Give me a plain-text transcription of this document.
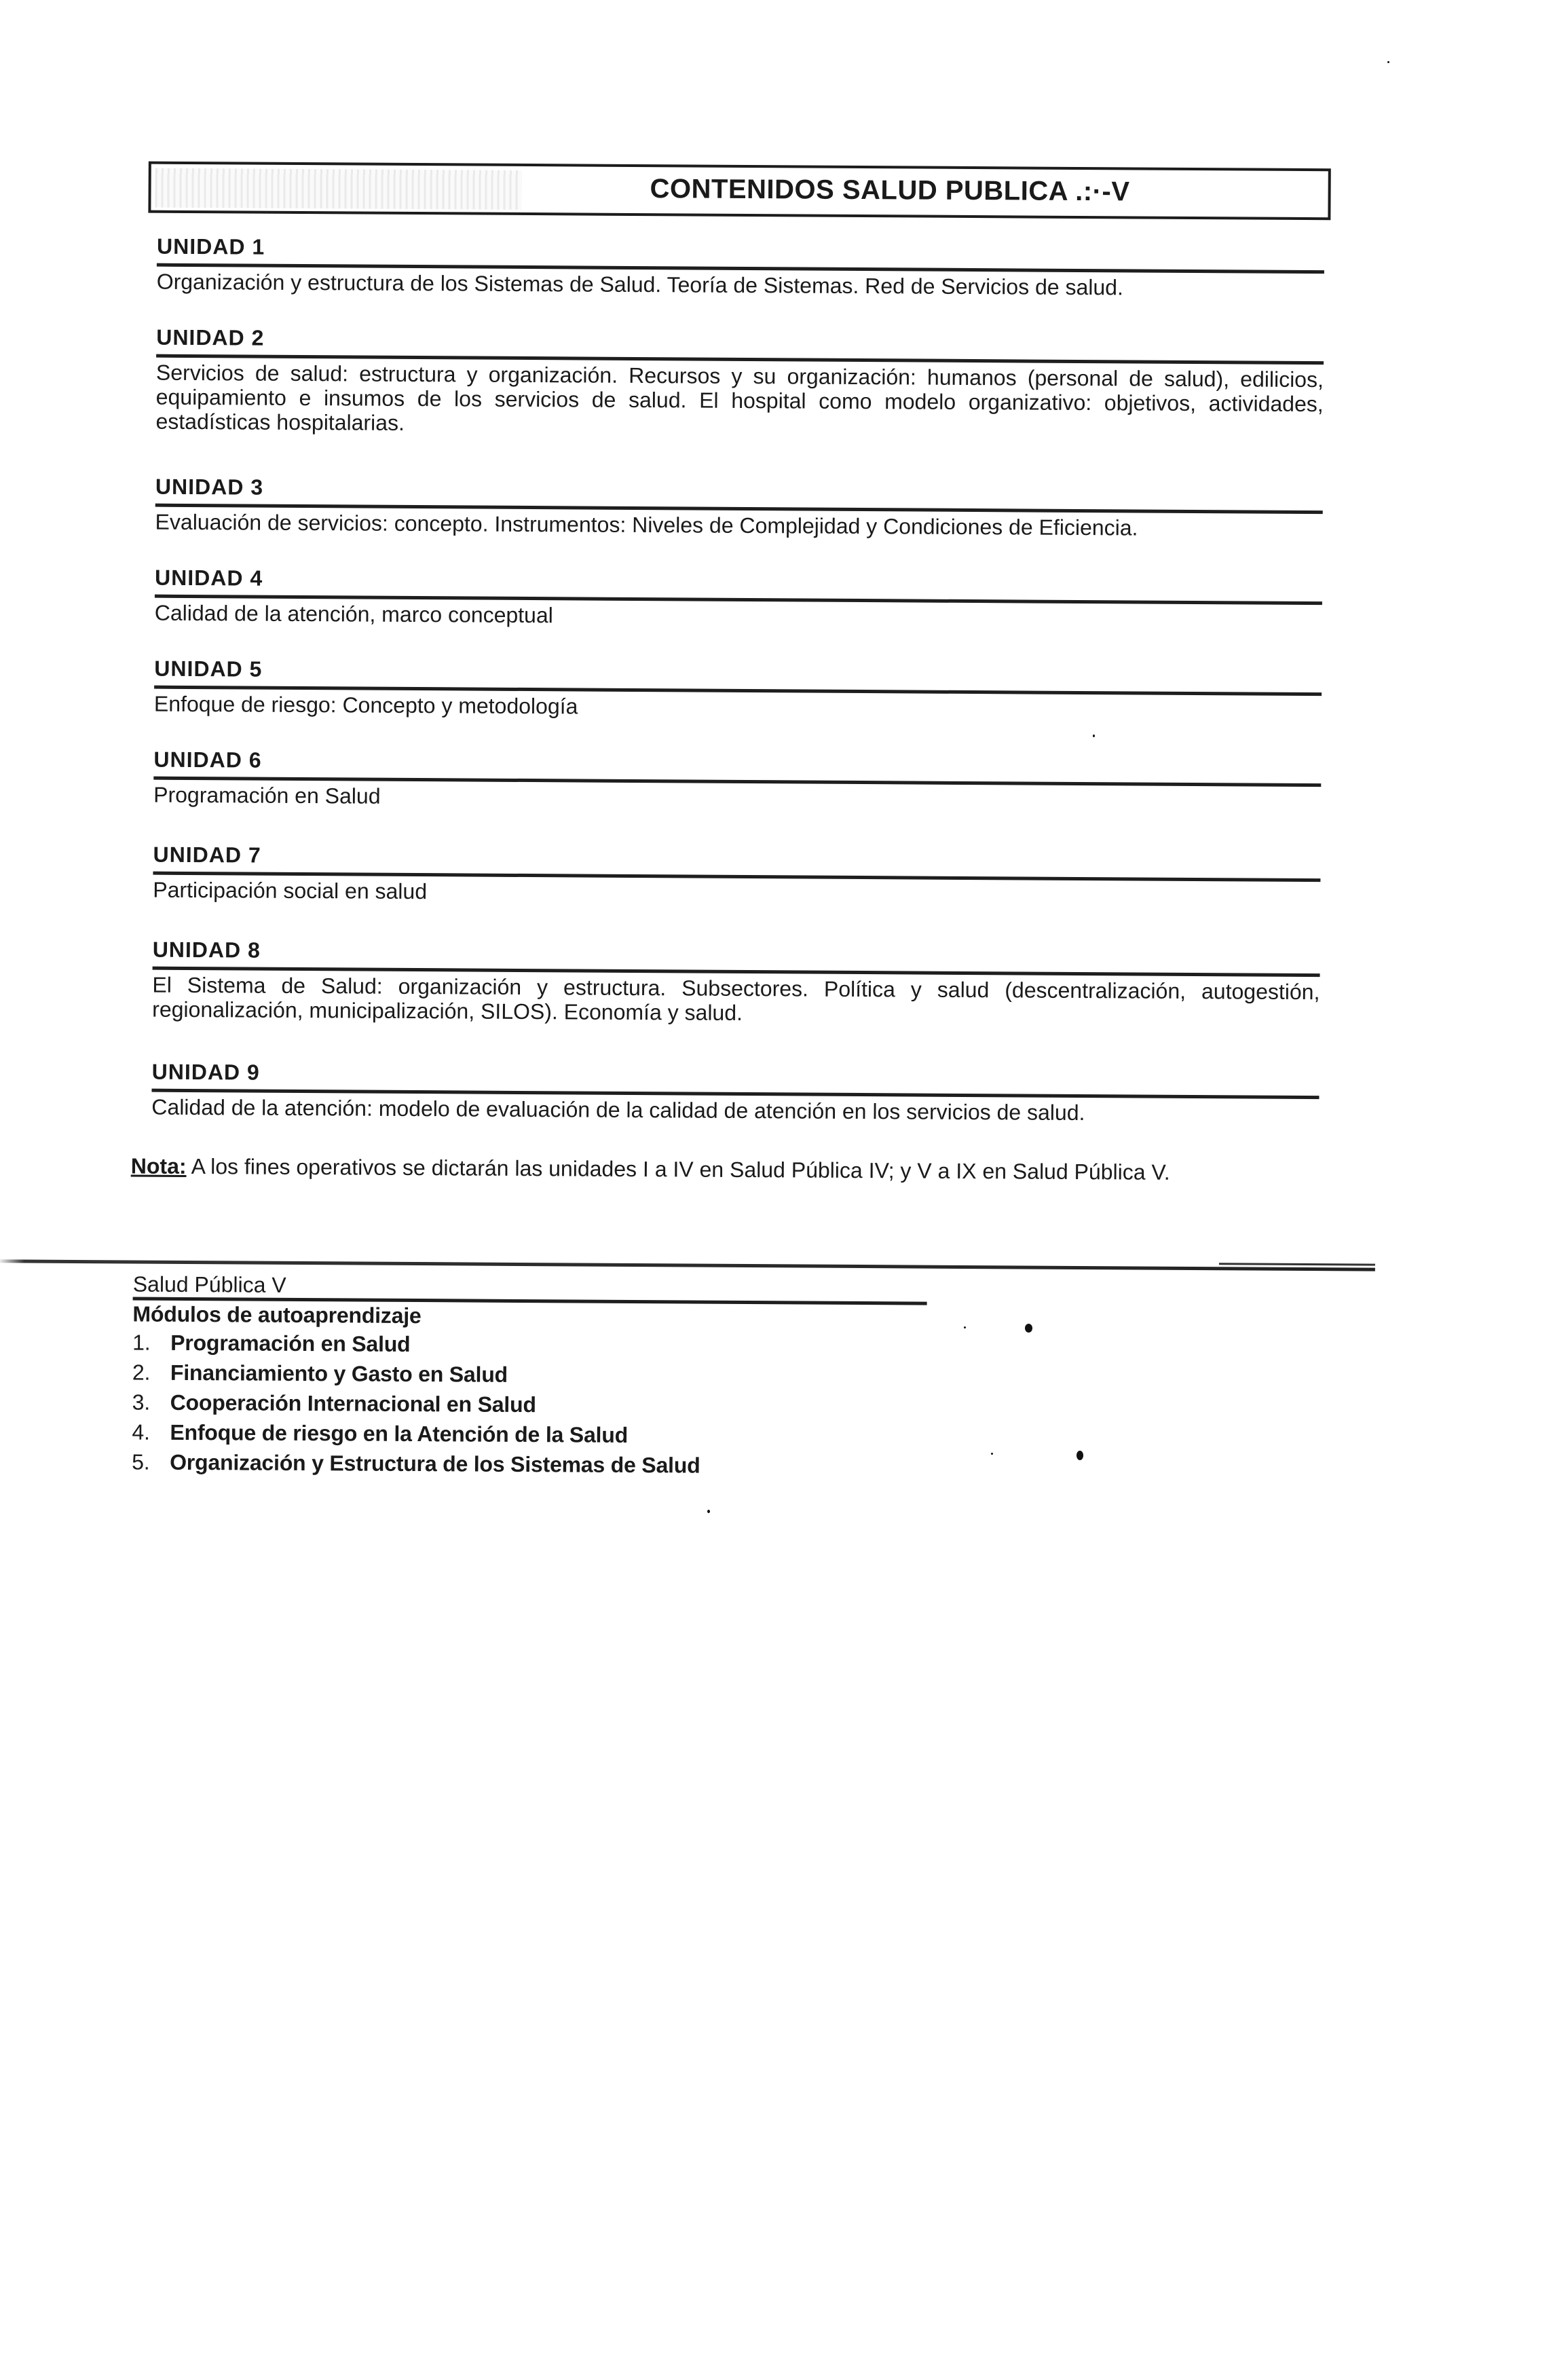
CONTENIDOS SALUD PUBLICA .:·-V
UNIDAD 1
Organización y estructura de los Sistemas de Salud. Teoría de Sistemas. Red de Servicios de salud.
UNIDAD 2
Servicios de salud: estructura y organización. Recursos y su organización: humanos (personal de salud), edilicios, equipamiento e insumos de los servicios de salud. El hospital como modelo organizativo: objetivos, actividades, estadísticas hospitalarias.
UNIDAD 3
Evaluación de servicios: concepto. Instrumentos: Niveles de Complejidad y Condiciones de Eficiencia.
UNIDAD 4
Calidad de la atención, marco conceptual
UNIDAD 5
Enfoque de riesgo: Concepto y metodología
UNIDAD 6
Programación en Salud
UNIDAD 7
Participación social en salud
UNIDAD 8
El Sistema de Salud: organización y estructura. Subsectores. Política y salud (descentralización, autogestión, regionalización, municipalización, SILOS). Economía y salud.
UNIDAD 9
Calidad de la atención: modelo de evaluación de la calidad de atención en los servicios de salud.
Nota: A los fines operativos se dictarán las unidades I a IV en Salud Pública IV; y V a IX en Salud Pública V.
Salud Pública V
Módulos de autoaprendizaje
1. Programación en Salud
2. Financiamiento y Gasto en Salud
3. Cooperación Internacional en Salud
4. Enfoque de riesgo en la Atención de la Salud
5. Organización y Estructura de los Sistemas de Salud
